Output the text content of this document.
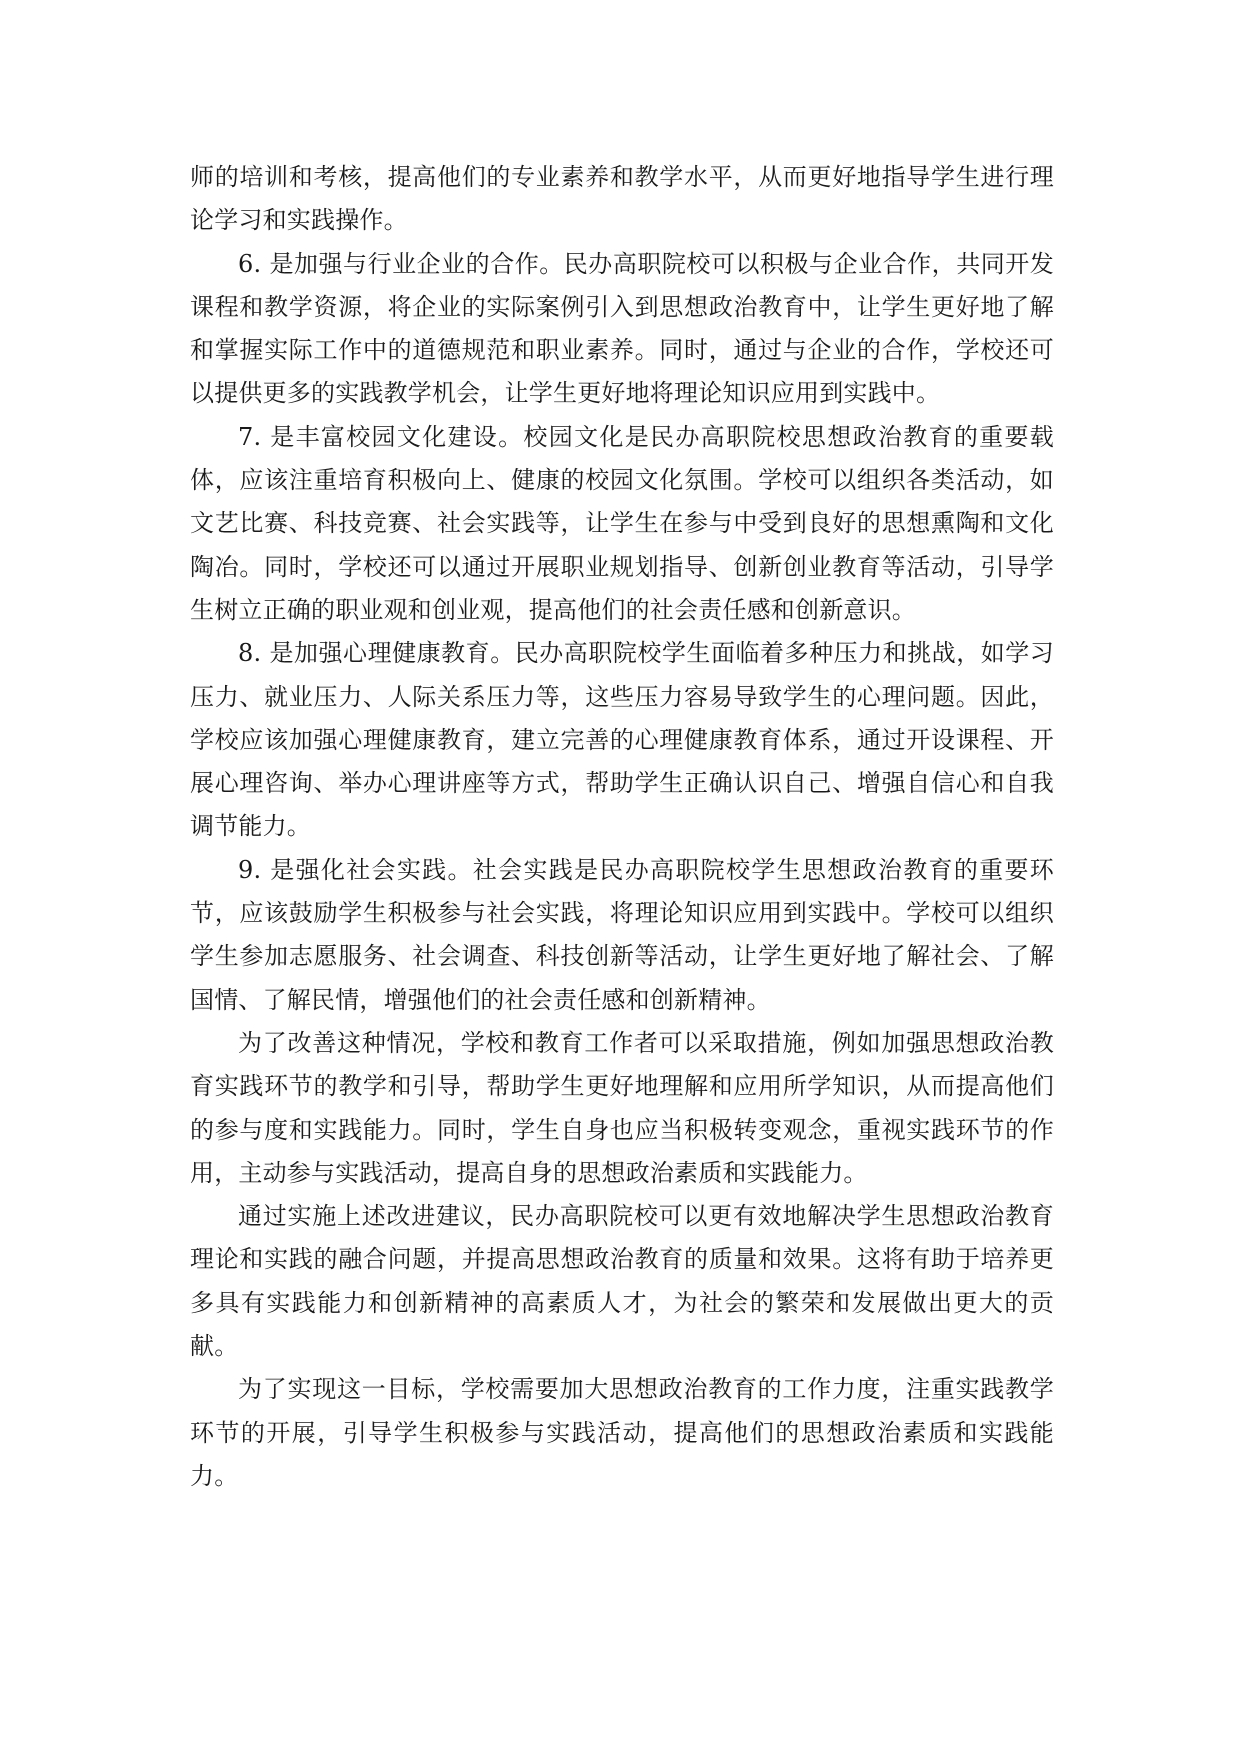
师的培训和考核，提高他们的专业素养和教学水平，从而更好地指导学生进行理论学习和实践操作。

6. 是加强与行业企业的合作。民办高职院校可以积极与企业合作，共同开发课程和教学资源，将企业的实际案例引入到思想政治教育中，让学生更好地了解和掌握实际工作中的道德规范和职业素养。同时，通过与企业的合作，学校还可以提供更多的实践教学机会，让学生更好地将理论知识应用到实践中。

7. 是丰富校园文化建设。校园文化是民办高职院校思想政治教育的重要载体，应该注重培育积极向上、健康的校园文化氛围。学校可以组织各类活动，如文艺比赛、科技竞赛、社会实践等，让学生在参与中受到良好的思想熏陶和文化陶冶。同时，学校还可以通过开展职业规划指导、创新创业教育等活动，引导学生树立正确的职业观和创业观，提高他们的社会责任感和创新意识。

8. 是加强心理健康教育。民办高职院校学生面临着多种压力和挑战，如学习压力、就业压力、人际关系压力等，这些压力容易导致学生的心理问题。因此，学校应该加强心理健康教育，建立完善的心理健康教育体系，通过开设课程、开展心理咨询、举办心理讲座等方式，帮助学生正确认识自己、增强自信心和自我调节能力。

9. 是强化社会实践。社会实践是民办高职院校学生思想政治教育的重要环节，应该鼓励学生积极参与社会实践，将理论知识应用到实践中。学校可以组织学生参加志愿服务、社会调查、科技创新等活动，让学生更好地了解社会、了解国情、了解民情，增强他们的社会责任感和创新精神。

为了改善这种情况，学校和教育工作者可以采取措施，例如加强思想政治教育实践环节的教学和引导，帮助学生更好地理解和应用所学知识，从而提高他们的参与度和实践能力。同时，学生自身也应当积极转变观念，重视实践环节的作用，主动参与实践活动，提高自身的思想政治素质和实践能力。

通过实施上述改进建议，民办高职院校可以更有效地解决学生思想政治教育理论和实践的融合问题，并提高思想政治教育的质量和效果。这将有助于培养更多具有实践能力和创新精神的高素质人才，为社会的繁荣和发展做出更大的贡献。

为了实现这一目标，学校需要加大思想政治教育的工作力度，注重实践教学环节的开展，引导学生积极参与实践活动，提高他们的思想政治素质和实践能力。
